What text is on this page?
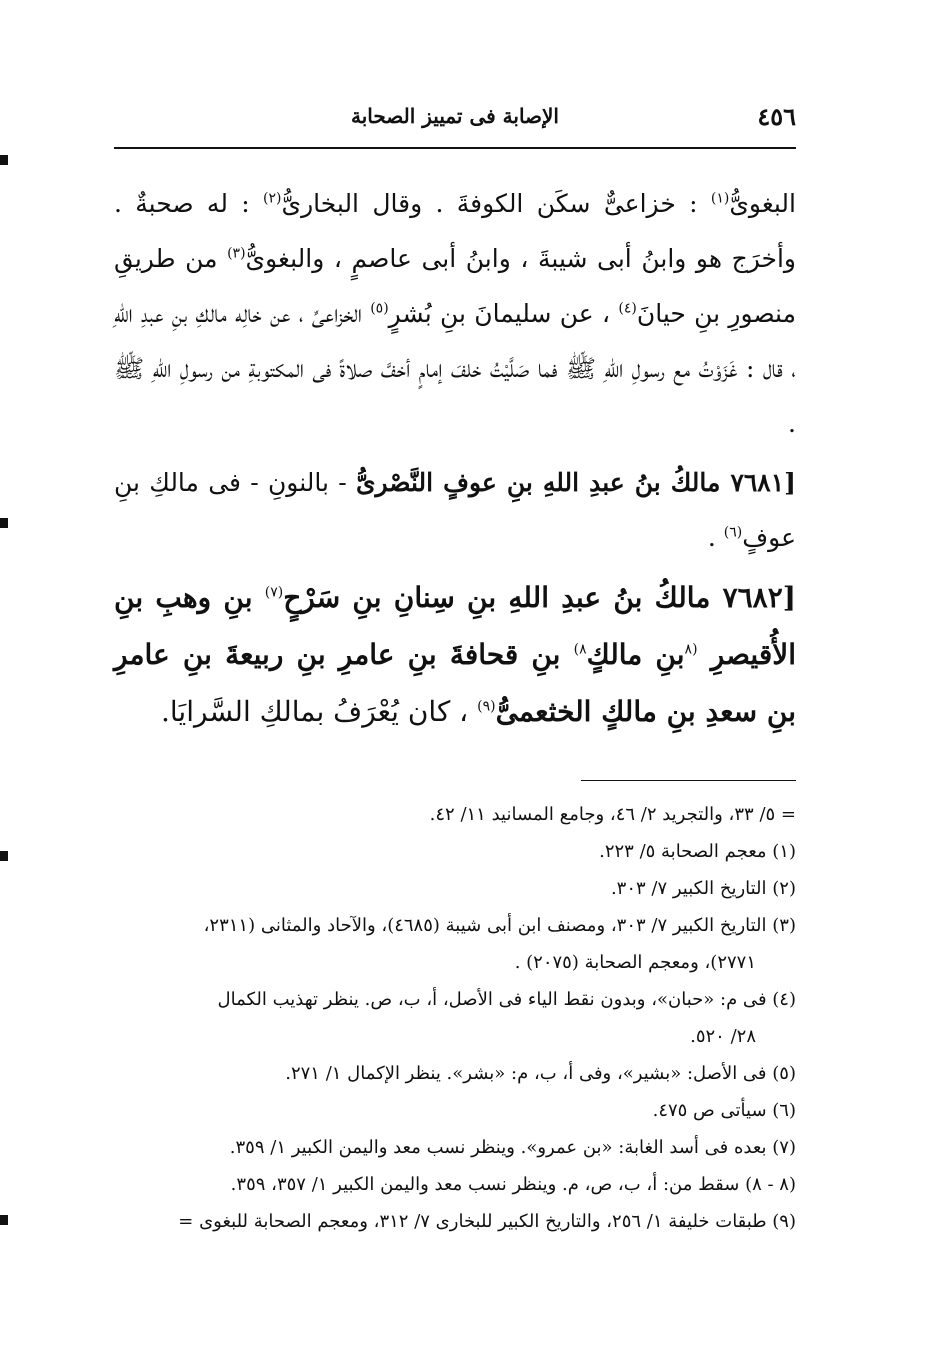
٤٥٦
الإصابة فى تمييز الصحابة

البغوىُّ$^{(١)}$ : خزاعىٌّ سكَن الكوفةَ . وقال البخارىُّ$^{(٢)}$ : له صحبةٌ . وأخرَج هو وابنُ أبى شيبةَ ، وابنُ أبى عاصمٍ ، والبغوىُّ$^{(٣)}$ من طريقِ منصورِ بنِ حيانَ$^{(٤)}$ ، عن سليمانَ بنِ بُشرٍ$^{(٥)}$ الخزاعىِّ ، عن خالِه مالكِ بنِ عبدِ اللهِ ، قال : غَزَوْتُ مع رسولِ اللهِ ﷺ فما صَلَّيْتُ خلفَ إمامٍ أخفَّ صلاةً فى المكتوبةِ من رسولِ اللهِ ﷺ .

[٧٦٨١ مالكُ بنُ عبدِ اللهِ بنِ عوفٍ النَّصْرىُّ - بالنونِ - فى مالكِ بنِ عوفٍ$^{(٦)}$ .

[٧٦٨٢ مالكُ بنُ عبدِ اللهِ بنِ سِنانِ بنِ سَرْحٍ$^{(٧)}$ بنِ وهبِ بنِ الأُقيصرِ $^{(٨}$بنِ مالكٍ$^{٨)}$ بنِ قحافةَ بنِ عامرِ بنِ ربيعةَ بنِ عامرِ بنِ سعدِ بنِ مالكٍ الخثعمىُّ$^{(٩)}$ ، كان يُعْرَفُ بمالكِ السَّرايَا.

= ٥/ ٣٣، والتجريد ٢/ ٤٦، وجامع المسانيد ١١/ ٤٢.

(١) معجم الصحابة ٥/ ٢٢٣.

(٢) التاريخ الكبير ٧/ ٣٠٣.

(٣) التاريخ الكبير ٧/ ٣٠٣، ومصنف ابن أبى شيبة (٤٦٨٥)، والآحاد والمثانى (٢٣١١،

٢٧٧١)، ومعجم الصحابة (٢٠٧٥) .

(٤) فى م: «حبان»، وبدون نقط الياء فى الأصل، أ، ب، ص. ينظر تهذيب الكمال

٢٨/ ٥٢٠.

(٥) فى الأصل: «بشير»، وفى أ، ب، م: «بشر». ينظر الإكمال ١/ ٢٧١.

(٦) سيأتى ص ٤٧٥.

(٧) بعده فى أسد الغابة: «بن عمرو». وينظر نسب معد واليمن الكبير ١/ ٣٥٩.

(٨ - ٨) سقط من: أ، ب، ص، م. وينظر نسب معد واليمن الكبير ١/ ٣٥٧، ٣٥٩.

(٩) طبقات خليفة ١/ ٢٥٦، والتاريخ الكبير للبخارى ٧/ ٣١٢، ومعجم الصحابة للبغوى =
